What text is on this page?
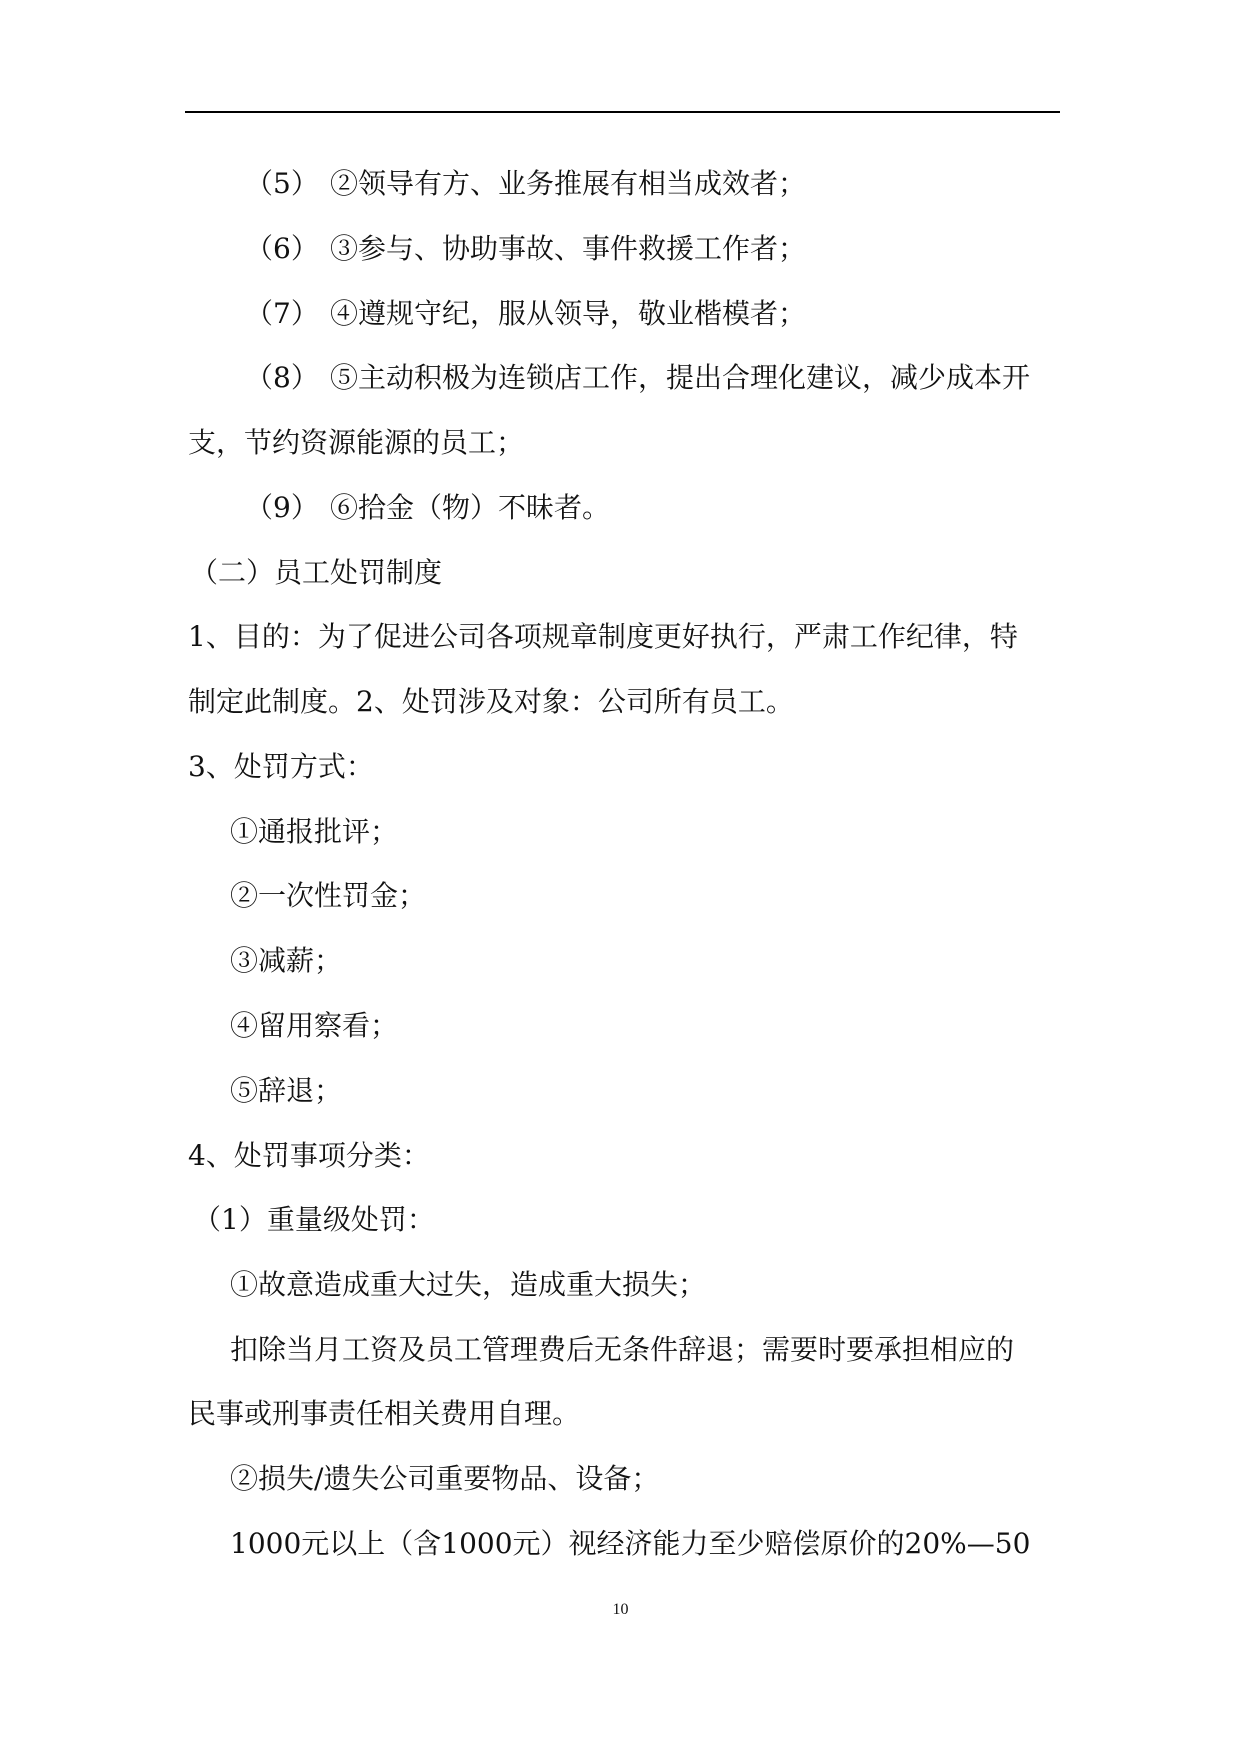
（5） ②领导有方、业务推展有相当成效者；
（6） ③参与、协助事故、事件救援工作者；
（7） ④遵规守纪，服从领导，敬业楷模者；
（8） ⑤主动积极为连锁店工作，提出合理化建议，减少成本开
支，节约资源能源的员工；
（9） ⑥拾金（物）不昧者。
（二）员工处罚制度
1、目的：为了促进公司各项规章制度更好执行，严肃工作纪律，特
制定此制度。2、处罚涉及对象：公司所有员工。
3、处罚方式：
①通报批评；
②一次性罚金；
③减薪；
④留用察看；
⑤辞退；
4、处罚事项分类：
（1）重量级处罚：
①故意造成重大过失，造成重大损失；
扣除当月工资及员工管理费后无条件辞退；需要时要承担相应的
民事或刑事责任相关费用自理。
②损失/遗失公司重要物品、设备；
1000元以上（含1000元）视经济能力至少赔偿原价的20%—50
10
